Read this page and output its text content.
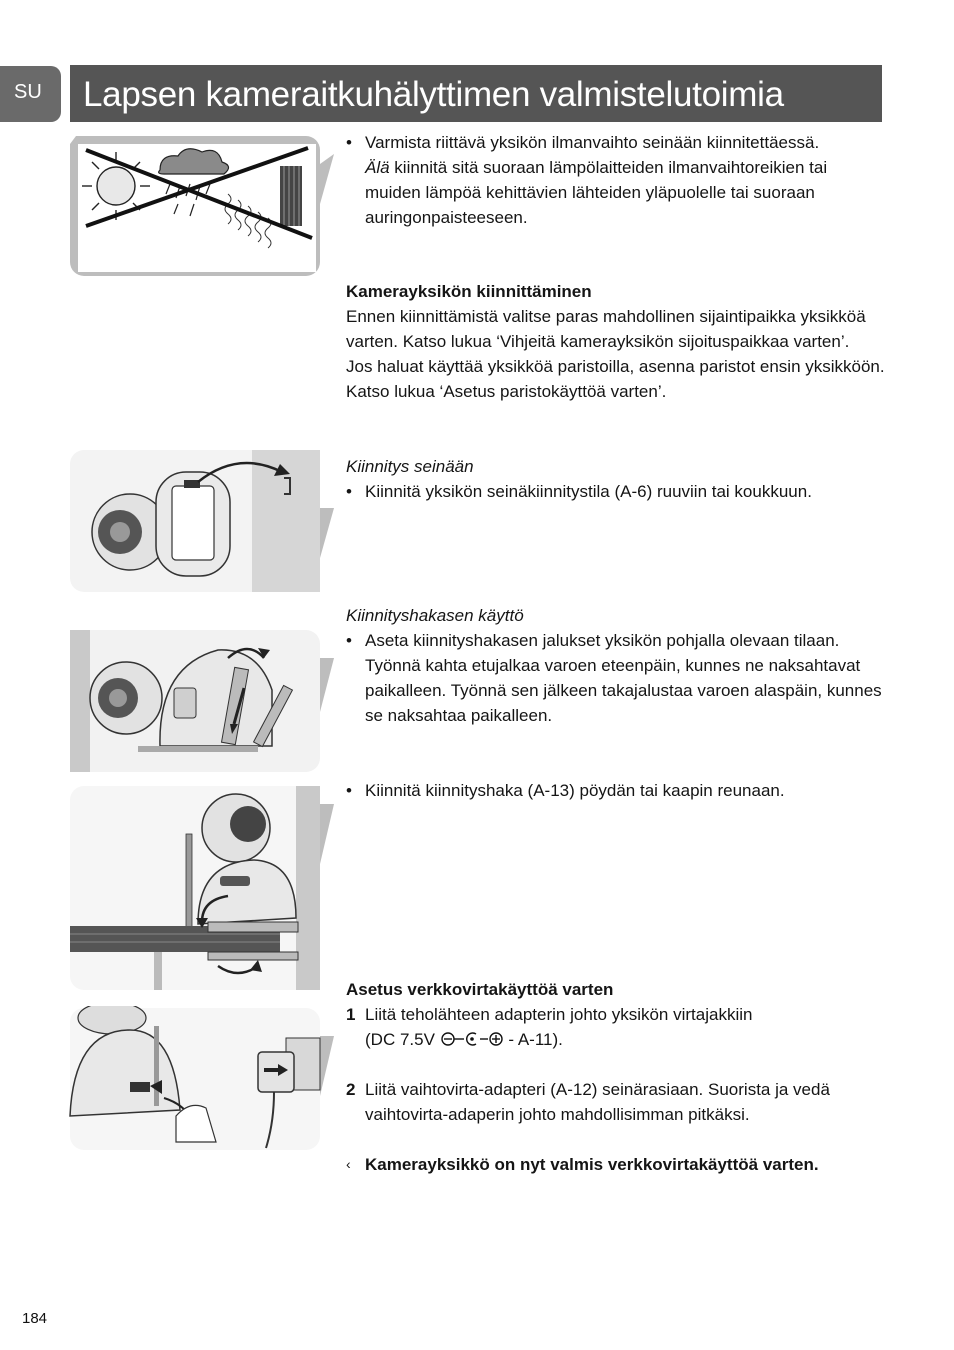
SU	Lapsen kameraitkuhälyttimen valmistelutoimia
• Varmista riittävä yksikön ilmanvaihto seinään kiinnitettäessä.
Älä kiinnitä sitä suoraan lämpölaitteiden ilmanvaihtoreikien tai muiden lämpöä kehittävien lähteiden yläpuolelle tai suoraan auringonpaisteeseen.

Kamerayksikön kiinnittäminen

Ennen kiinnittämistä valitse paras mahdollinen sijaintipaikka yksikköä varten. Katso lukua ‘Vihjeitä kamerayksikön sijoituspaikkaa varten’.

Jos haluat käyttää yksikköä paristoilla, asenna paristot ensin yksikköön. Katso lukua ‘Asetus paristokäyttöä varten’.

Kiinnitys seinään

• Kiinnitä yksikön seinäkiinnitystila (A-6) ruuviin tai koukkuun.

Kiinnityshakasen käyttö

• Aseta kiinnityshakasen jalukset yksikön pohjalla olevaan tilaan. Työnnä kahta etujalkaa varoen eteenpäin, kunnes ne naksahtavat paikalleen. Työnnä sen jälkeen takajalustaa varoen alaspäin, kunnes se naksahtaa paikalleen.
• Kiinnitä kiinnityshaka (A-13) pöydän tai kaapin reunaan.

Asetus verkkovirtakäyttöä varten

1 Liitä teholähteen adapterin johto yksikön virtajakkiin
(DC 7.5V	- A-11).
2 Liitä vaihtovirta-adapteri (A-12) seinärasiaan. Suorista ja vedä vaihtovirta-adaperin johto mahdollisimman pitkäksi.
‹ Kamerayksikkö on nyt valmis verkkovirtakäyttöä varten.
184
